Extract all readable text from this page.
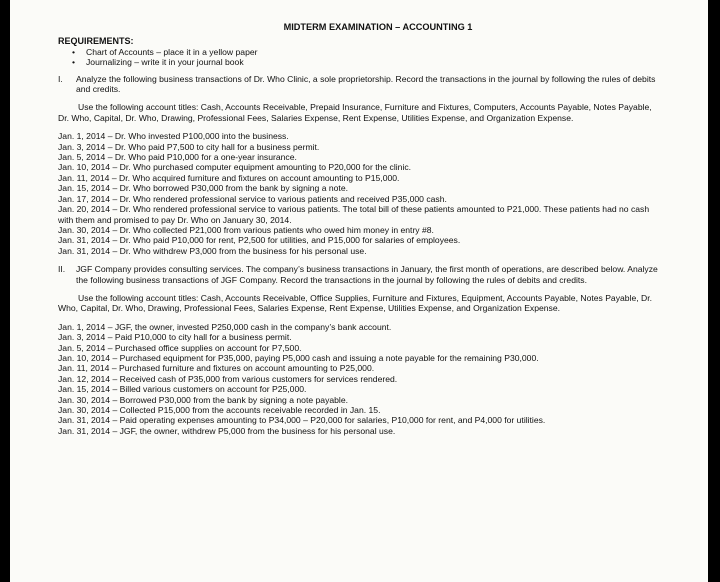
MIDTERM EXAMINATION – ACCOUNTING 1
REQUIREMENTS:
• Chart of Accounts – place it in a yellow paper
• Journalizing – write it in your journal book
I.	Analyze the following business transactions of Dr. Who Clinic, a sole proprietorship. Record the transactions in the journal by following the rules of debits and credits.

Use the following account titles: Cash, Accounts Receivable, Prepaid Insurance, Furniture and Fixtures, Computers, Accounts Payable, Notes Payable, Dr. Who, Capital, Dr. Who, Drawing, Professional Fees, Salaries Expense, Rent Expense, Utilities Expense, and Organization Expense.

Jan. 1, 2014 – Dr. Who invested P100,000 into the business.

Jan. 3, 2014 – Dr. Who paid P7,500 to city hall for a business permit.

Jan. 5, 2014 – Dr. Who paid P10,000 for a one-year insurance.

Jan. 10, 2014 – Dr. Who purchased computer equipment amounting to P20,000 for the clinic.

Jan. 11, 2014 – Dr. Who acquired furniture and fixtures on account amounting to P15,000.

Jan. 15, 2014 – Dr. Who borrowed P30,000 from the bank by signing a note.

Jan. 17, 2014 – Dr. Who rendered professional service to various patients and received P35,000 cash.

Jan. 20, 2014 – Dr. Who rendered professional service to various patients. The total bill of these patients amounted to P21,000. These patients had no cash with them and promised to pay Dr. Who on January 30, 2014.

Jan. 30, 2014 – Dr. Who collected P21,000 from various patients who owed him money in entry #8.

Jan. 31, 2014 – Dr. Who paid P10,000 for rent, P2,500 for utilities, and P15,000 for salaries of employees.

Jan. 31, 2014 – Dr. Who withdrew P3,000 from the business for his personal use.

II.	JGF Company provides consulting services. The company’s business transactions in January, the first month of operations, are described below. Analyze the following business transactions of JGF Company. Record the transactions in the journal by following the rules of debits and credits.

Use the following account titles: Cash, Accounts Receivable, Office Supplies, Furniture and Fixtures, Equipment, Accounts Payable, Notes Payable, Dr. Who, Capital, Dr. Who, Drawing, Professional Fees, Salaries Expense, Rent Expense, Utilities Expense, and Organization Expense.

Jan. 1, 2014 – JGF, the owner, invested P250,000 cash in the company’s bank account.

Jan. 3, 2014 – Paid P10,000 to city hall for a business permit.

Jan. 5, 2014 – Purchased office supplies on account for P7,500.

Jan. 10, 2014 – Purchased equipment for P35,000, paying P5,000 cash and issuing a note payable for the remaining P30,000.

Jan. 11, 2014 – Purchased furniture and fixtures on account amounting to P25,000.

Jan. 12, 2014 – Received cash of P35,000 from various customers for services rendered.

Jan. 15, 2014 – Billed various customers on account for P25,000.

Jan. 30, 2014 – Borrowed P30,000 from the bank by signing a note payable.

Jan. 30, 2014 – Collected P15,000 from the accounts receivable recorded in Jan. 15.

Jan. 31, 2014 – Paid operating expenses amounting to P34,000 – P20,000 for salaries, P10,000 for rent, and P4,000 for utilities.

Jan. 31, 2014 – JGF, the owner, withdrew P5,000 from the business for his personal use.
